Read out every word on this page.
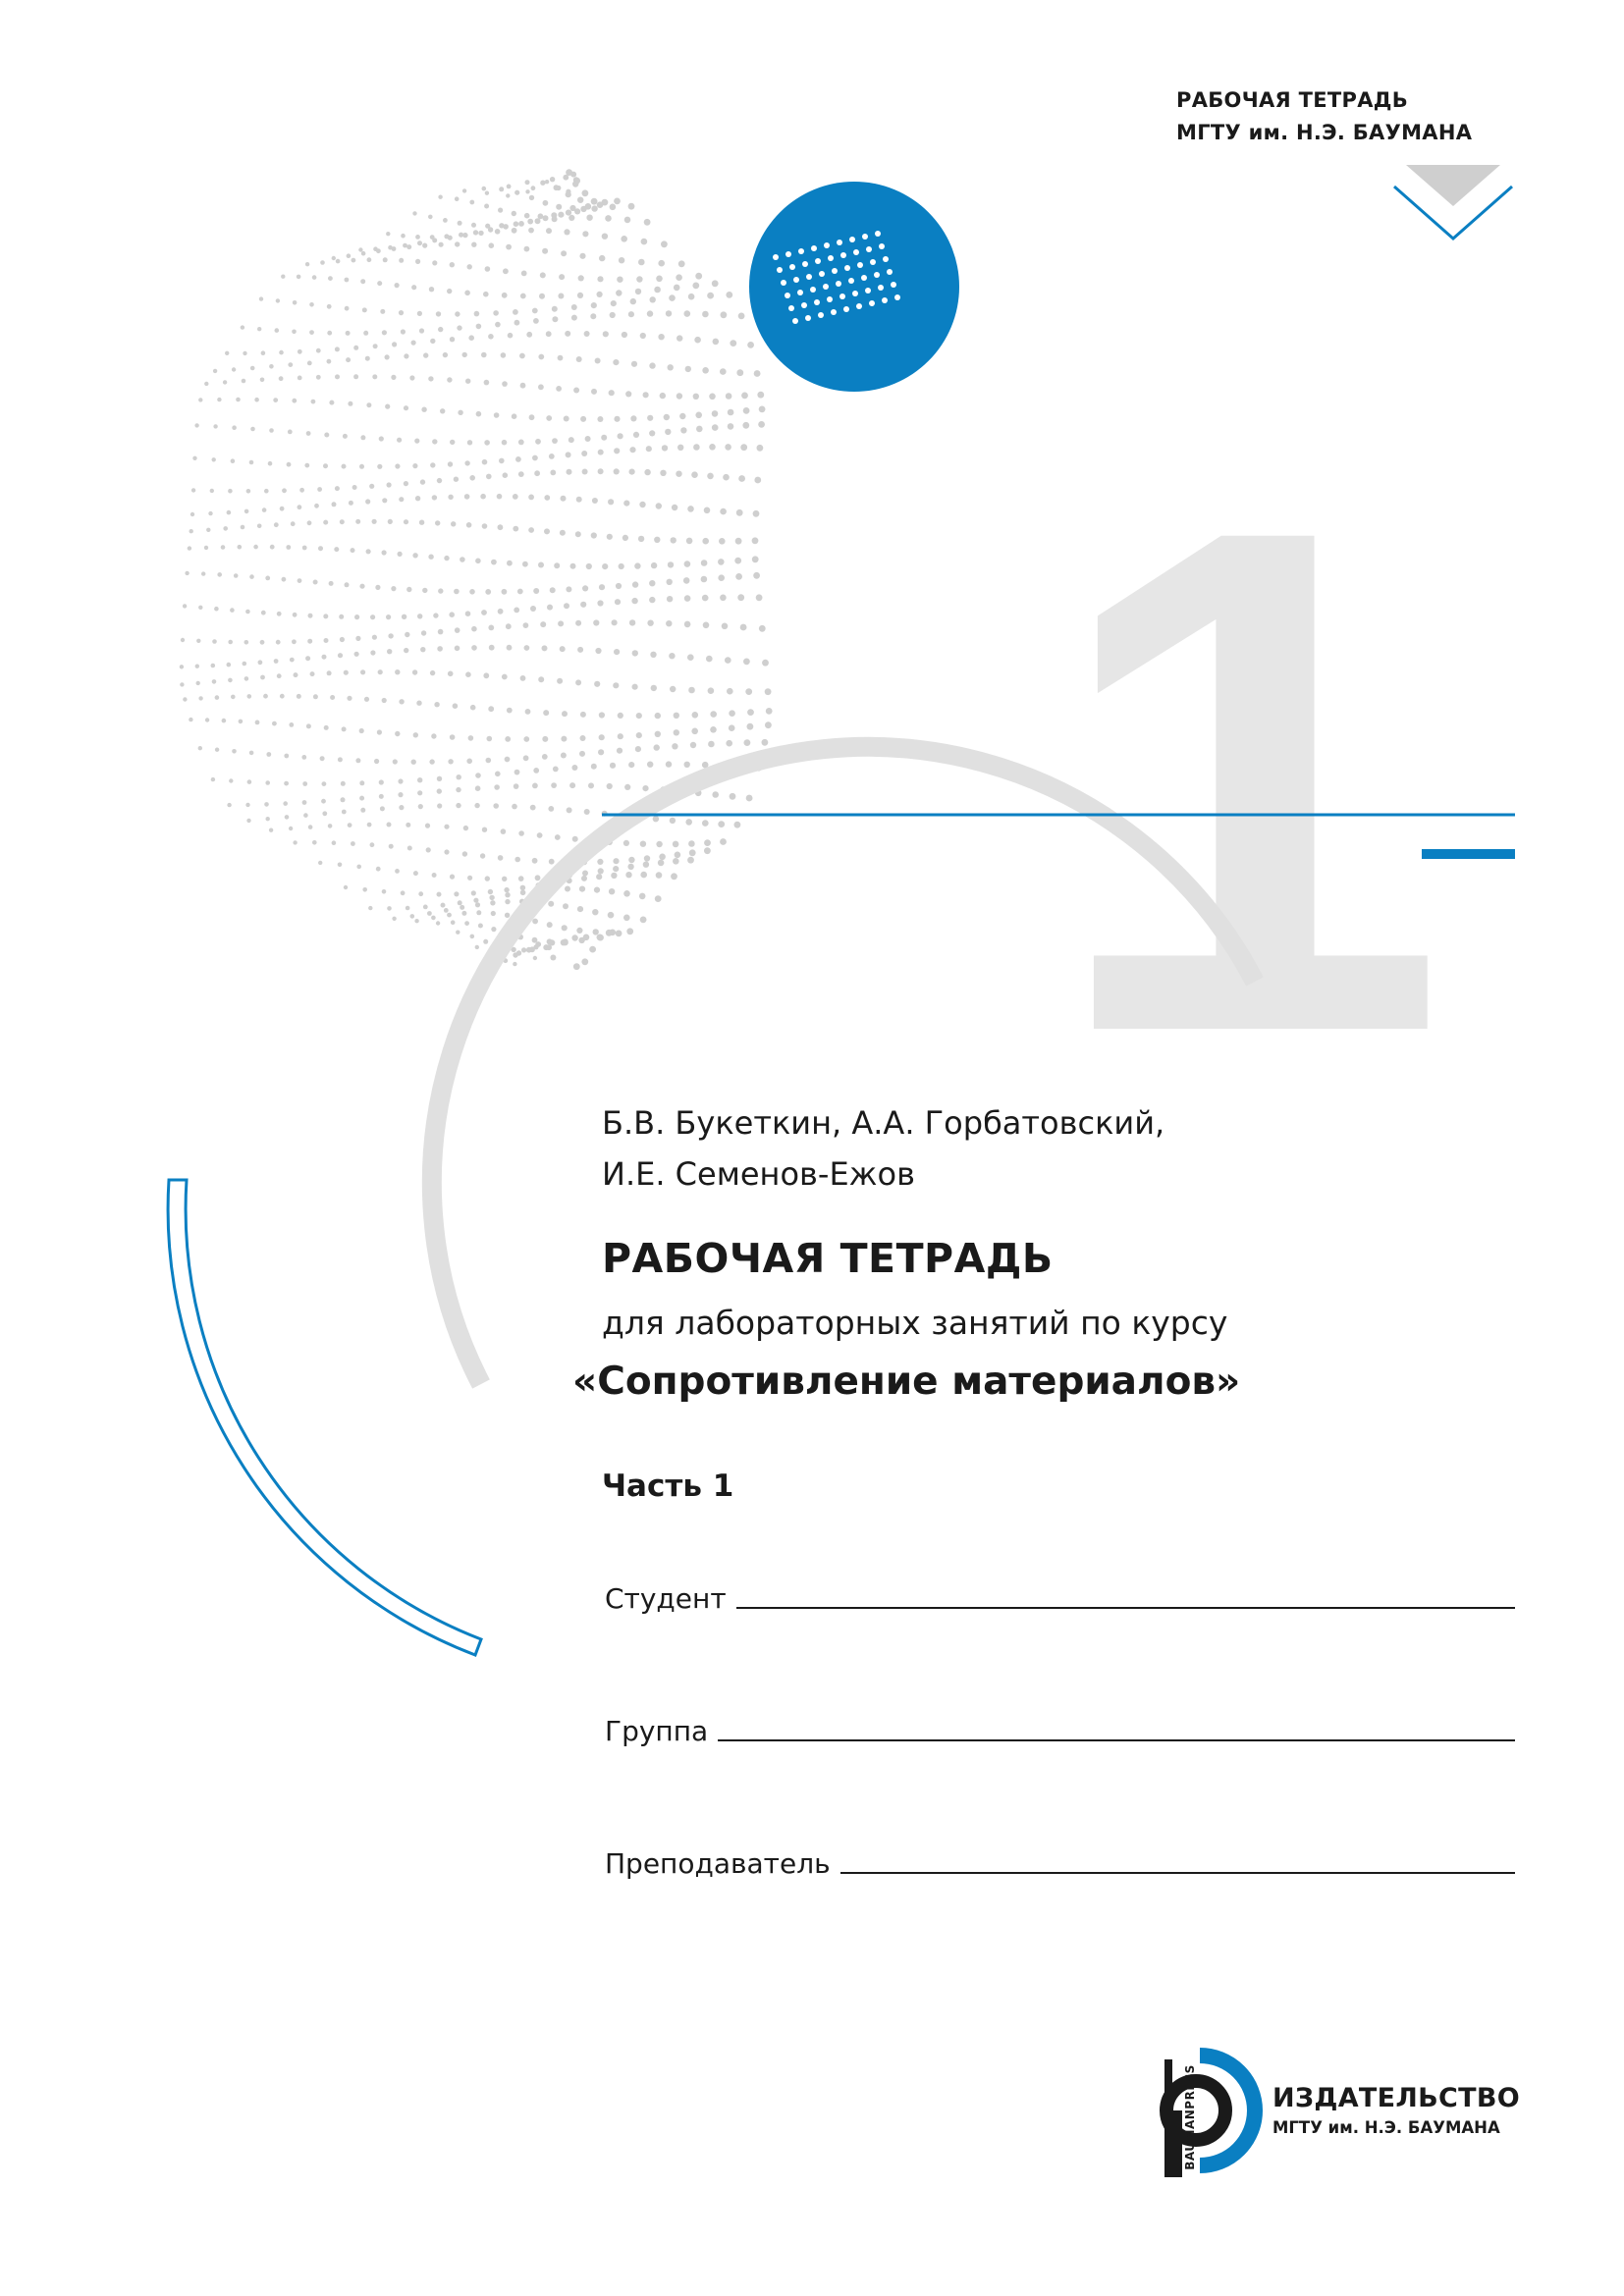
1
РАБОЧАЯ ТЕТРАДЬ
МГТУ им. Н.Э. БАУМАНА
Б.В. Букеткин, А.А. Горбатовский,
И.Е. Семенов-Ежов
РАБОЧАЯ ТЕТРАДЬ
для лабораторных занятий по курсу
«Сопротивление материалов»
Часть 1
Студент
Группа
Преподаватель
BAUMANPRESS	ИЗДАТЕЛЬСТВО
МГТУ им. Н.Э. БАУМАНА
